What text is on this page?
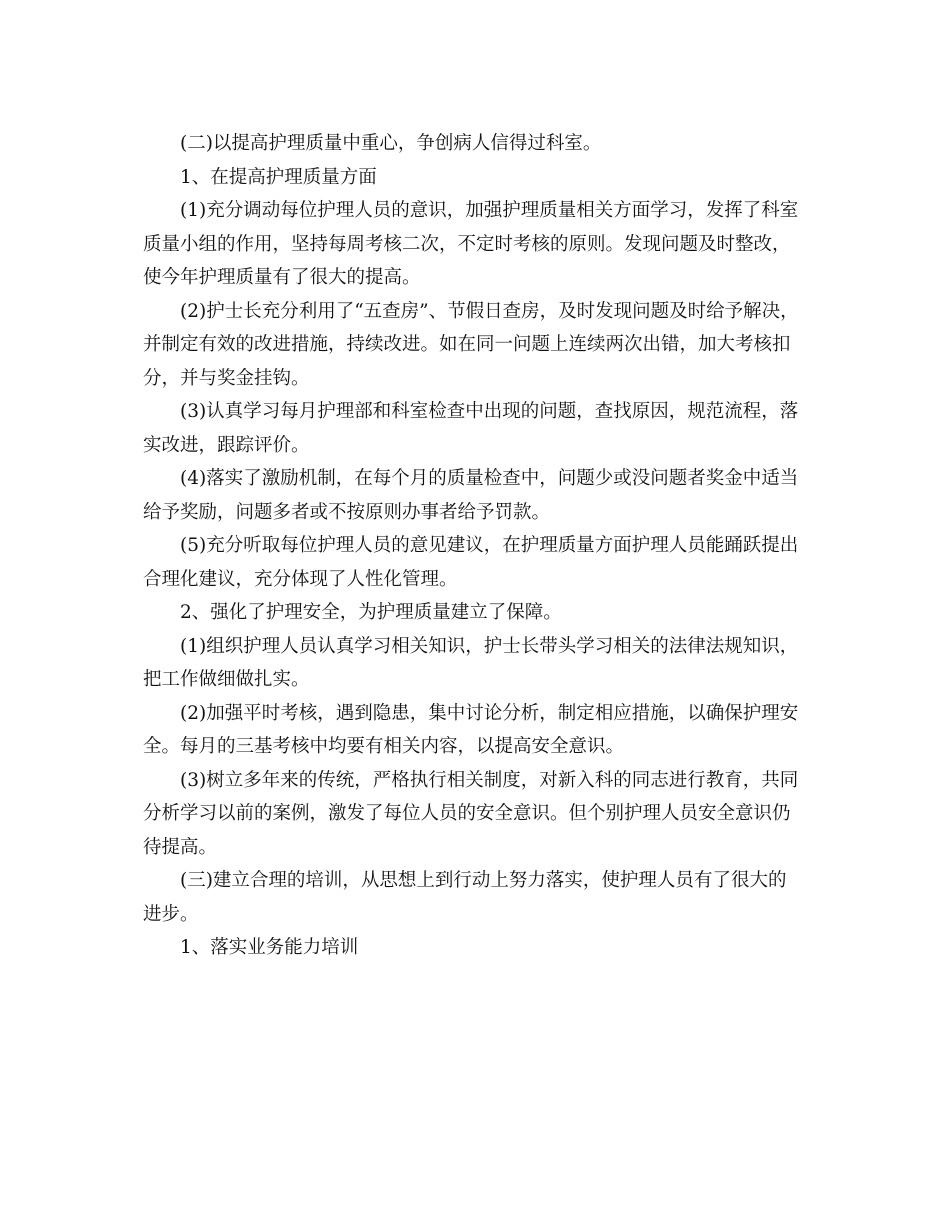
(二)以提高护理质量中重心，争创病人信得过科室。

1、在提高护理质量方面

(1)充分调动每位护理人员的意识，加强护理质量相关方面学习，发挥了科室
质量小组的作用，坚持每周考核二次，不定时考核的原则。发现问题及时整改，
使今年护理质量有了很大的提高。

(2)护士长充分利用了“五查房”、节假日查房，及时发现问题及时给予解决，
并制定有效的改进措施，持续改进。如在同一问题上连续两次出错，加大考核扣
分，并与奖金挂钩。

(3)认真学习每月护理部和科室检查中出现的问题，查找原因，规范流程，落
实改进，跟踪评价。

(4)落实了激励机制，在每个月的质量检查中，问题少或没问题者奖金中适当
给予奖励，问题多者或不按原则办事者给予罚款。

(5)充分听取每位护理人员的意见建议，在护理质量方面护理人员能踊跃提出
合理化建议，充分体现了人性化管理。

2、强化了护理安全，为护理质量建立了保障。

(1)组织护理人员认真学习相关知识，护士长带头学习相关的法律法规知识，
把工作做细做扎实。

(2)加强平时考核，遇到隐患，集中讨论分析，制定相应措施，以确保护理安
全。每月的三基考核中均要有相关内容，以提高安全意识。

(3)树立多年来的传统，严格执行相关制度，对新入科的同志进行教育，共同
分析学习以前的案例，激发了每位人员的安全意识。但个别护理人员安全意识仍
待提高。

(三)建立合理的培训，从思想上到行动上努力落实，使护理人员有了很大的
进步。

1、落实业务能力培训
